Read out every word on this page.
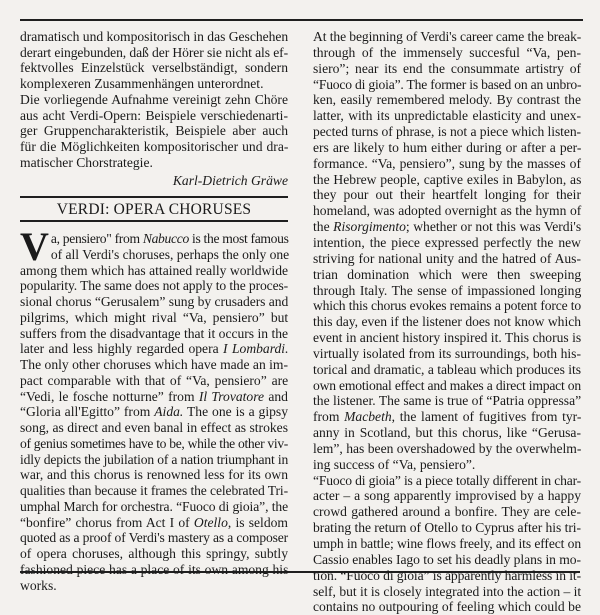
dramatisch und kompositorisch in das Geschehen
derart eingebunden, daß der Hörer sie nicht als ef-
fektvolles Einzelstück verselbständigt, sondern
komplexeren Zusammenhängen unterordnet.
Die vorliegende Aufnahme vereinigt zehn Chöre
aus acht Verdi-Opern: Beispiele verschiedenarti-
ger Gruppencharakteristik, Beispiele aber auch
für die Möglichkeiten kompositorischer und dra-
matischer Chorstrategie.
Karl-Dietrich Gräwe
VERDI: OPERA CHORUSES
V a, pensiero" from Nabucco is the most famous
of all Verdi's choruses, perhaps the only one
among them which has attained really worldwide
popularity. The same does not apply to the proces-
sional chorus “Gerusalem” sung by crusaders and
pilgrims, which might rival “Va, pensiero” but
suffers from the disadvantage that it occurs in the
later and less highly regarded opera I Lombardi.
The only other choruses which have made an im-
pact comparable with that of “Va, pensiero” are
“Vedi, le fosche notturne” from Il Trovatore and
“Gloria all'Egitto” from Aida. The one is a gipsy
song, as direct and even banal in effect as strokes
of genius sometimes have to be, while the other viv-
idly depicts the jubilation of a nation triumphant in
war, and this chorus is renowned less for its own
qualities than because it frames the celebrated Tri-
umphal March for orchestra. “Fuoco di gioia”, the
“bonfire” chorus from Act I of Otello, is seldom
quoted as a proof of Verdi's mastery as a composer
of opera choruses, although this springy, subtly
fashioned piece has a place of its own among his
works.
At the beginning of Verdi's career came the break-
through of the immensely succesful “Va, pen-
siero”; near its end the consummate artistry of
“Fuoco di gioia”. The former is based on an unbro-
ken, easily remembered melody. By contrast the
latter, with its unpredictable elasticity and unex-
pected turns of phrase, is not a piece which listen-
ers are likely to hum either during or after a per-
formance. “Va, pensiero”, sung by the masses of
the Hebrew people, captive exiles in Babylon, as
they pour out their heartfelt longing for their
homeland, was adopted overnight as the hymn of
the Risorgimento; whether or not this was Verdi's
intention, the piece expressed perfectly the new
striving for national unity and the hatred of Aus-
trian domination which were then sweeping
through Italy. The sense of impassioned longing
which this chorus evokes remains a potent force to
this day, even if the listener does not know which
event in ancient history inspired it. This chorus is
virtually isolated from its surroundings, both his-
torical and dramatic, a tableau which produces its
own emotional effect and makes a direct impact on
the listener. The same is true of “Patria oppressa”
from Macbeth, the lament of fugitives from tyr-
anny in Scotland, but this chorus, like “Gerusa-
lem”, has been overshadowed by the overwhelm-
ing success of “Va, pensiero”.
“Fuoco di gioia” is a piece totally different in char-
acter – a song apparently improvised by a happy
crowd gathered around a bonfire. They are cele-
brating the return of Otello to Cyprus after his tri-
umph in battle; wine flows freely, and its effect on
Cassio enables Iago to set his deadly plans in mo-
tion. “Fuoco di gioia” is apparently harmless in it-
self, but it is closely integrated into the action – it
contains no outpouring of feeling which could be
